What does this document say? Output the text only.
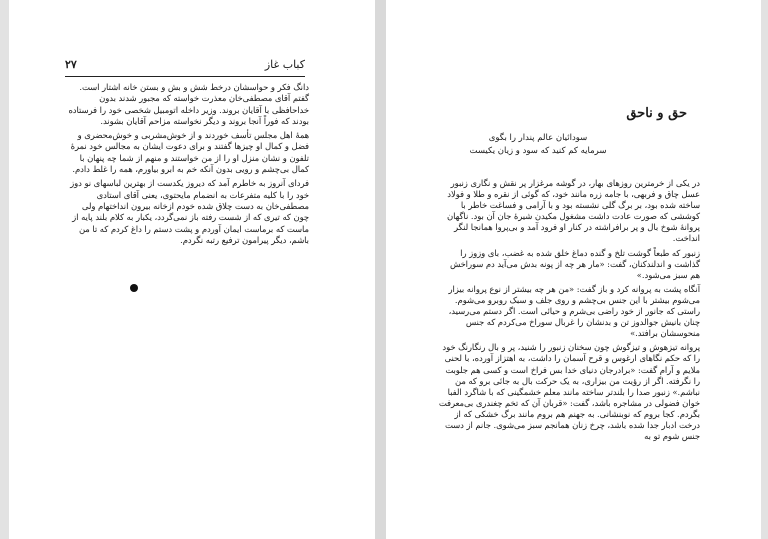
۲۷	کباب غاز

دانگ فکر و حواسشان درخط شش و بش و بستن خانه اشتار است. گفتم آقای مصطفی‌خان معذرت خواسته که مجبور شدند بدون خداحافظی با آقایان بروند. وزیر داخله اتومبیل شخصی خود را فرستاده بودند که فوراً آنجا بروند و دیگر نخواسته مزاحم آقایان بشوند.

همهٔ اهل مجلس تأسف خوردند و از خوش‌مشربی و خوش‌محضری و فضل و کمال او چیزها گفتند و برای دعوت ایشان به مجالس خود نمرهٔ تلفون و نشان منزل او را از من خواستند و منهم از شما چه پنهان با کمال بی‌چشم و رویی بدون آنکه خم به ابرو بیاورم، همه را غلط دادم.

فردای آنروز به خاطرم آمد که دیروز یکدست از بهترین لباسهای نو دوز خود را با کلیه متفرعات به انضمام مایحتوی، یعنی آقای استادی مصطفی‌خان به دست چلاق شده خودم ازخانه بیرون انداختهام ولی چون که تیری که از شست رفته باز نمی‌گردد، یکبار به کلام بلند پایه از ماست که برماست ایمان آوردم و پشت دستم را داغ کردم که تا من باشم، دیگر پیرامون ترفیع رتبه نگردم.

حق و ناحق
سودائیان عالم پندار را بگوی
سرمایه کم کنید که سود و زیان یکیست

در یکی از خرمترین روزهای بهار، در گوشه مرغزار پر نقش و نگاری زنبور عسل چاق و فربهی، با جامه زره مانند خود، که گوئی از نقره و طلا و فولاد ساخته شده بود، بر برگ گلی نشسته بود و با آرامی و فساغت خاطر با کوششی که صورت عادت داشت مشغول مکیدن شیرهٔ جان آن بود. ناگهان پروانهٔ شوخ بال و پر برافراشته در کنار او فرود آمد و بی‌پروا همانجا لنگر انداخت.

زنبور که طبعاً گوشت تلخ و گنده دماغ خلق شده به غضب، بای وزوز را گذاشت و اندلندکنان، گفت: «مار هر چه از پونه بدش می‌آید دم سوراخش هم سبز می‌شود.»

آنگاه پشت به پروانه کرد و باز گفت: «من هر چه بیشتر از نوع پروانه بیزار می‌شوم بیشتر با این جنس بی‌چشم و روی جلف و سبک روبرو می‌شوم. راستی که جانور از خود راضی بی‌شرم و حیائی است. اگر دستم می‌رسید، چنان بانیش جوالدوز تن و بدنشان را غربال سوراخ می‌کردم که جنس منحوسشان برافتد.»

پروانه تیزهوش و تیزگوش چون سخنان زنبور را شنید، پر و بال رنگارنگ خود را که حکم نگاهای ارغوس و قرح آسمان را داشت، به اهتزاز آورده، با لحنی ملایم و آرام گفت: «برادرجان دنیای خدا بس فراخ است و کسی هم جلوبت را نگرفته. اگر از رؤیت من بیزاری، به یک حرکت بال به جائی برو که من نباشم.» زنبور صدا را بلندتر ساخته مانند معلم خشمگینی که با شاگرد الفبا خوان فضولی در مشاجره باشد، گفت: «قربان آن که تخم چغندری بی‌معرفت بگردم. کجا بروم که نوبنشانی. به جهنم هم بروم مانند برگ خشکی که از درخت ادبار جدا شده باشد، چرخ زنان همانجم سبز می‌شوی. جانم از دست جنس شوم تو به
